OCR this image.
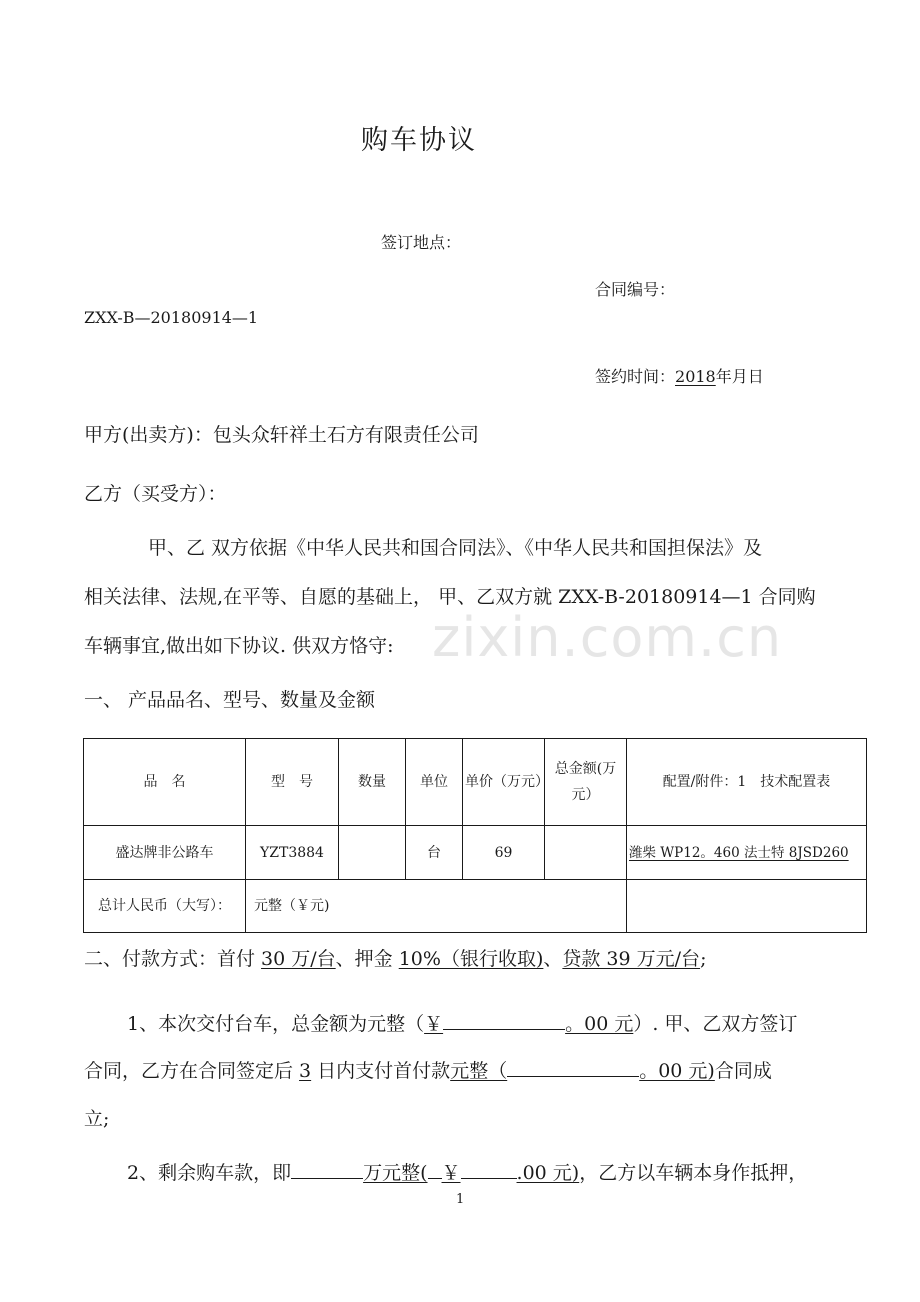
zixin.com.cn
购车协议
签订地点：
合同编号：
ZXX-B—20180914—1
签约时间：2018年月日
甲方(出卖方)：包头众轩祥土石方有限责任公司
乙方（买受方）：
甲、乙 双方依据《中华人民共和国合同法》、《中华人民共和国担保法》及
相关法律、法规,在平等、自愿的基础上， 甲、乙双方就 ZXX-B-20180914—1 合同购
车辆事宜,做出如下协议. 供双方恪守:
一、 产品品名、型号、数量及金额
品　名	型　号	数量	单位	单价（万元）	总金额(万元）	配置/附件：1　技术配置表
盛达牌非公路车	YZT3884		台	69		潍柴 WP12。460 法士特 8JSD260
总计人民币（大写）：	元整（￥元)					
二、付款方式：首付 30 万/台、押金 10%（银行收取)、贷款 39 万元/台;
1、本次交付台车，总金额为元整（￥	。00 元）. 甲、乙双方签订
合同，乙方在合同签定后 3 日内支付首付款元整（	。00 元)合同成
立;
2、剩余购车款，即	万元整( ￥	.00 元)，乙方以车辆本身作抵押，
1
